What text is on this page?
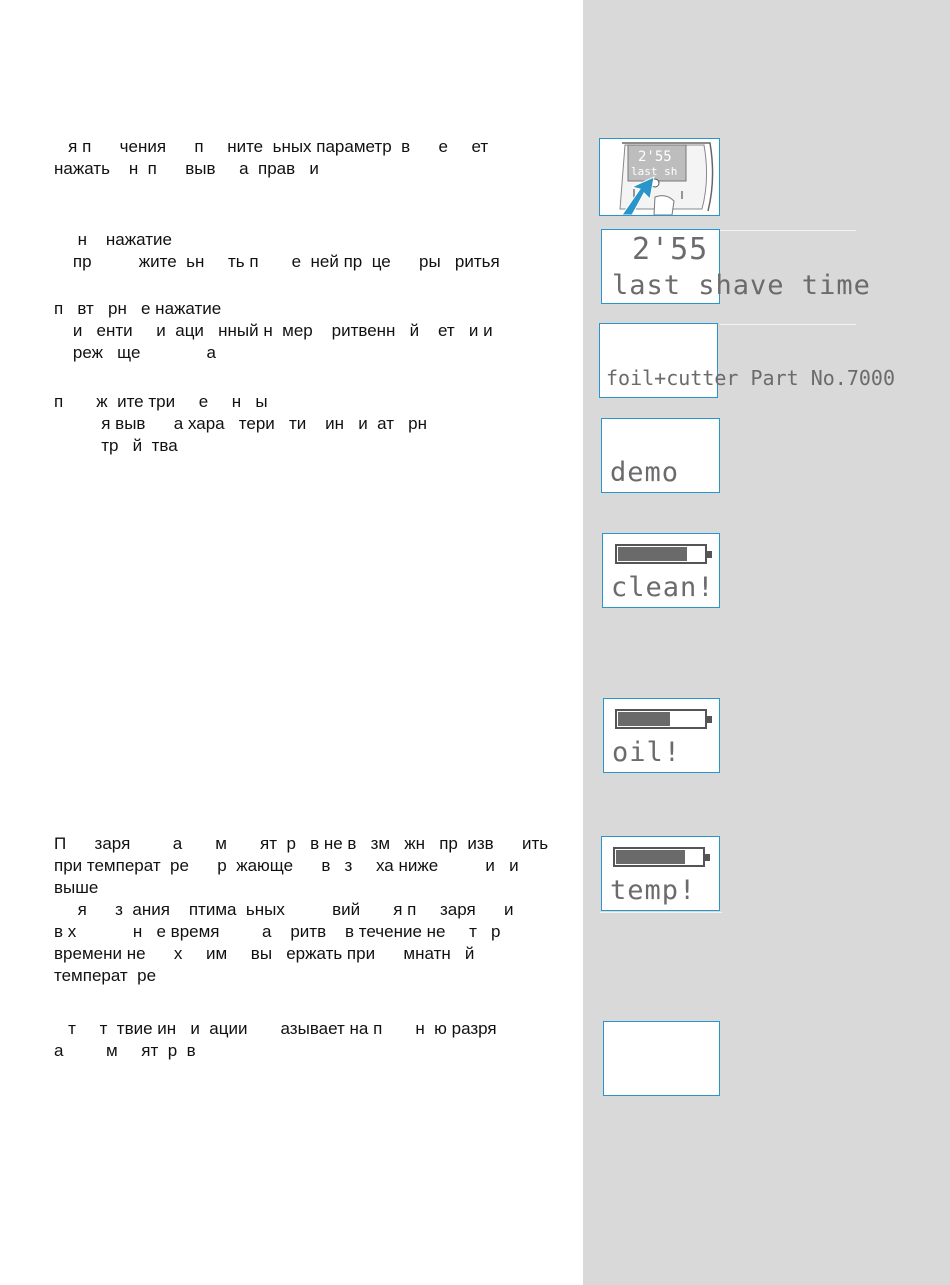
я п      чения      п     ните  ьных параметр  в      е     ет
нажать    н  п      выв     а  прав   и
н    нажатие
пр          жите  ьн     ть п       е  ней пр  це      ры   ритья
п   вт   рн   е нажатие
и   енти     и  аци   нный н  мер    ритвенн   й    ет   и и
реж   ще              а
п       ж  ите три     е     н   ы
я выв      а хара   тери   ти    ин   и  ат   рн
тр   й  тва
П      заря         а       м       ят  р   в не в   зм   жн   пр  изв      ить
при температ  ре      р  жающе      в   з     ха ниже          и   и
выше
я      з  ания    птима  ьных          вий       я п     заря      и
в х            н   е время         а    ритв    в течение не     т   р
времени не      х     им     вы   ержать при      мнатн   й
температ  ре
т     т  твие ин   и  ации       азывает на п       н  ю разря
а         м     ят  р  в
2'55
last sh
2'55
last shave time
foil+cutter Part No.7000
demo
clean!
oil!
temp!
